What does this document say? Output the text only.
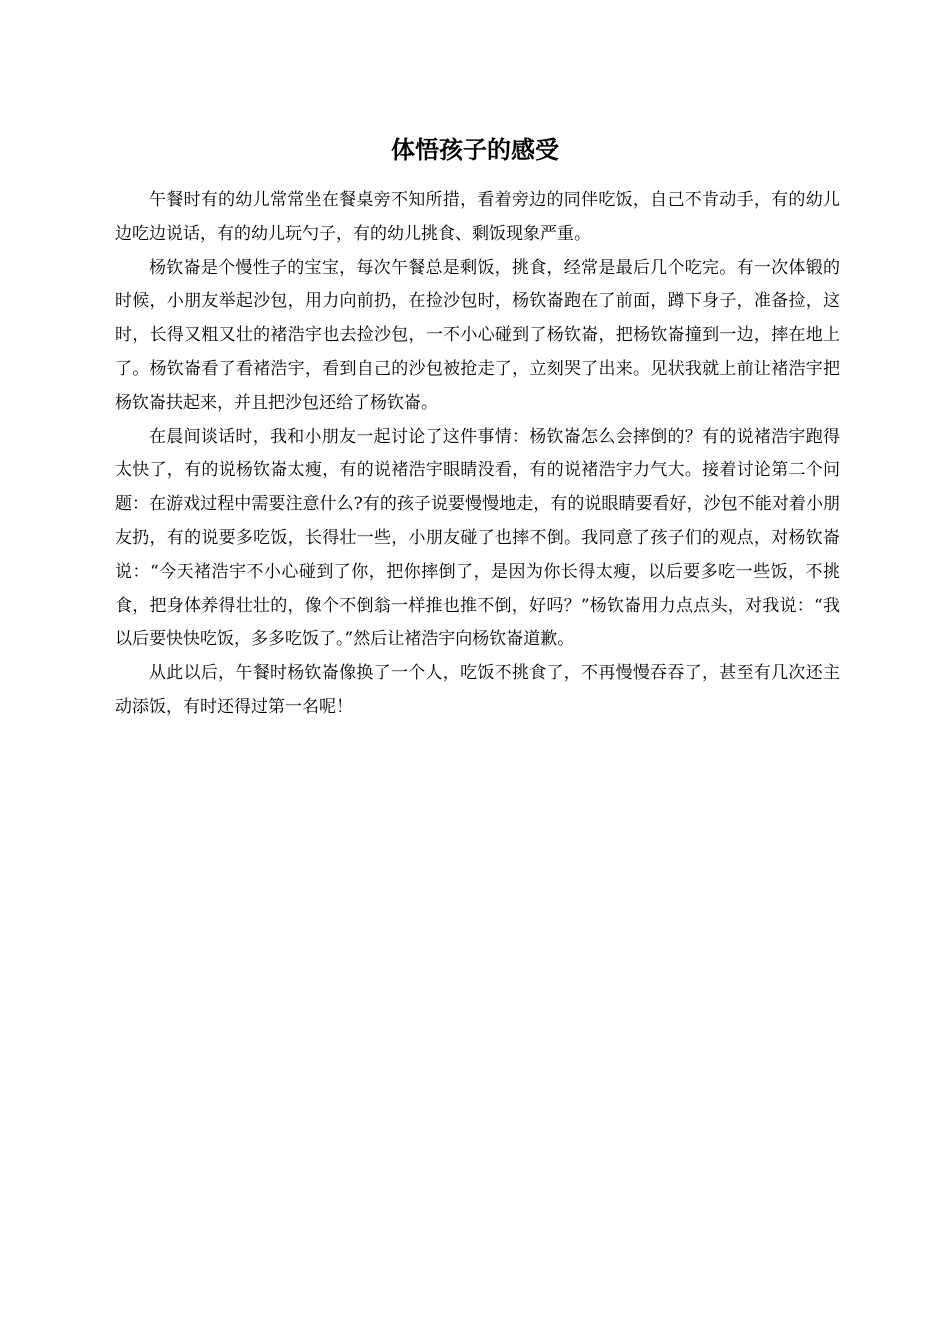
体悟孩子的感受

午餐时有的幼儿常常坐在餐桌旁不知所措，看着旁边的同伴吃饭，自己不肯动手，有的幼儿边吃边说话，有的幼儿玩勺子，有的幼儿挑食、剩饭现象严重。

杨钦崙是个慢性子的宝宝，每次午餐总是剩饭，挑食，经常是最后几个吃完。有一次体锻的时候，小朋友举起沙包，用力向前扔，在捡沙包时，杨钦崙跑在了前面，蹲下身子，准备捡，这时，长得又粗又壮的褚浩宇也去捡沙包，一不小心碰到了杨钦崙，把杨钦崙撞到一边，摔在地上了。杨钦崙看了看褚浩宇，看到自己的沙包被抢走了，立刻哭了出来。见状我就上前让褚浩宇把杨钦崙扶起来，并且把沙包还给了杨钦崙。

在晨间谈话时，我和小朋友一起讨论了这件事情：杨钦崙怎么会摔倒的？有的说褚浩宇跑得太快了，有的说杨钦崙太瘦，有的说褚浩宇眼睛没看，有的说褚浩宇力气大。接着讨论第二个问题：在游戏过程中需要注意什么?有的孩子说要慢慢地走，有的说眼睛要看好，沙包不能对着小朋友扔，有的说要多吃饭，长得壮一些，小朋友碰了也摔不倒。我同意了孩子们的观点，对杨钦崙说：“今天褚浩宇不小心碰到了你，把你摔倒了，是因为你长得太瘦，以后要多吃一些饭，不挑食，把身体养得壮壮的，像个不倒翁一样推也推不倒，好吗？”杨钦崙用力点点头，对我说：“我以后要快快吃饭，多多吃饭了。”然后让褚浩宇向杨钦崙道歉。

从此以后，午餐时杨钦崙像换了一个人，吃饭不挑食了，不再慢慢吞吞了，甚至有几次还主动添饭，有时还得过第一名呢！
